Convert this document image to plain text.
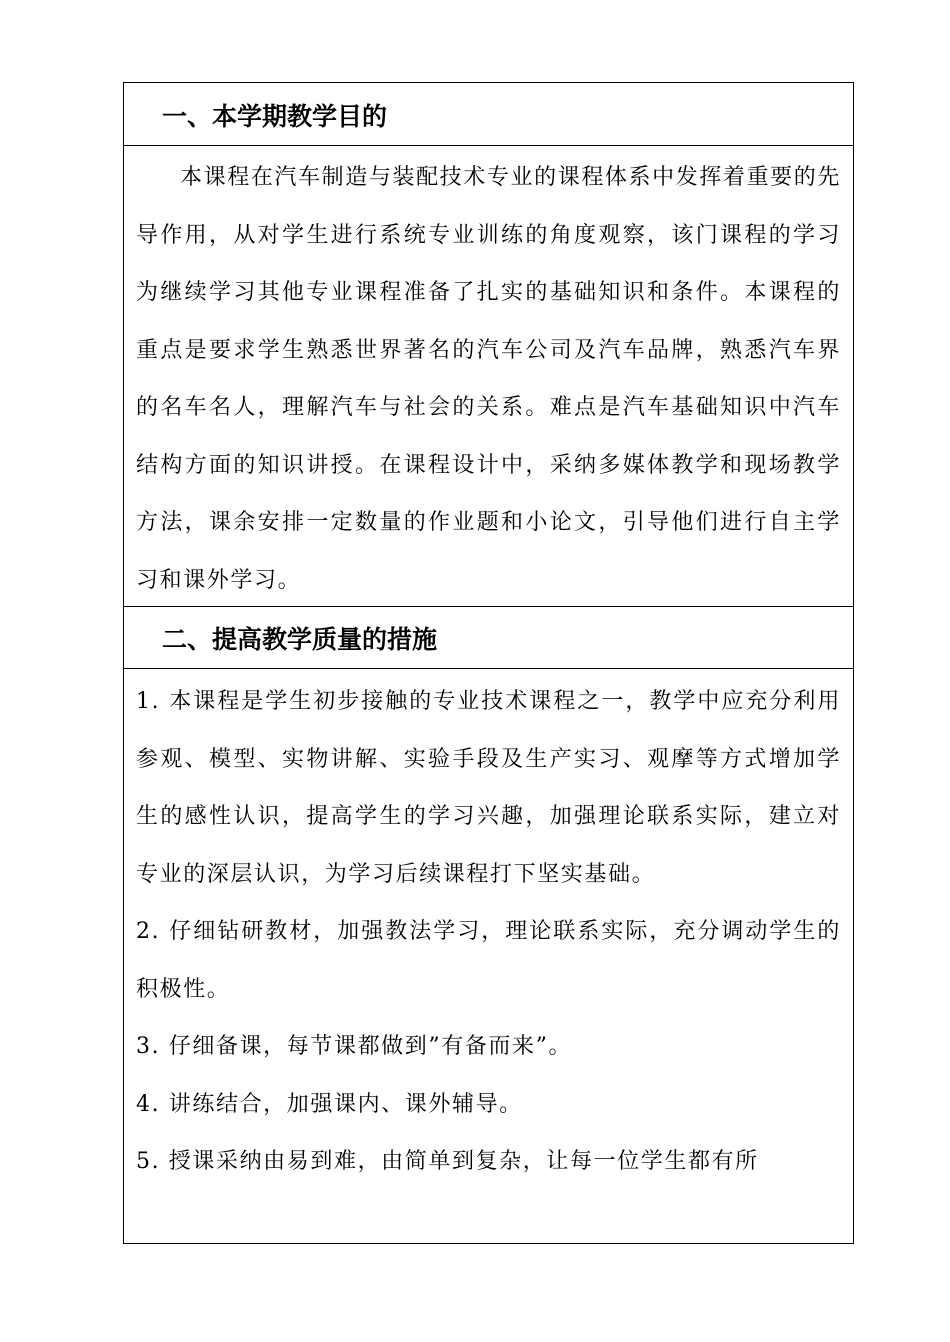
一、本学期教学目的

本课程在汽车制造与装配技术专业的课程体系中发挥着重要的先导作用，从对学生进行系统专业训练的角度观察，该门课程的学习为继续学习其他专业课程准备了扎实的基础知识和条件。本课程的重点是要求学生熟悉世界著名的汽车公司及汽车品牌，熟悉汽车界的名车名人，理解汽车与社会的关系。难点是汽车基础知识中汽车结构方面的知识讲授。在课程设计中，采纳多媒体教学和现场教学方法，课余安排一定数量的作业题和小论文，引导他们进行自主学习和课外学习。

二、提高教学质量的措施

1. 本课程是学生初步接触的专业技术课程之一，教学中应充分利用参观、模型、实物讲解、实验手段及生产实习、观摩等方式增加学生的感性认识，提高学生的学习兴趣，加强理论联系实际，建立对专业的深层认识，为学习后续课程打下坚实基础。

2. 仔细钻研教材，加强教法学习，理论联系实际，充分调动学生的积极性。

3. 仔细备课，每节课都做到”有备而来”。

4. 讲练结合，加强课内、课外辅导。

5. 授课采纳由易到难，由简单到复杂，让每一位学生都有所
